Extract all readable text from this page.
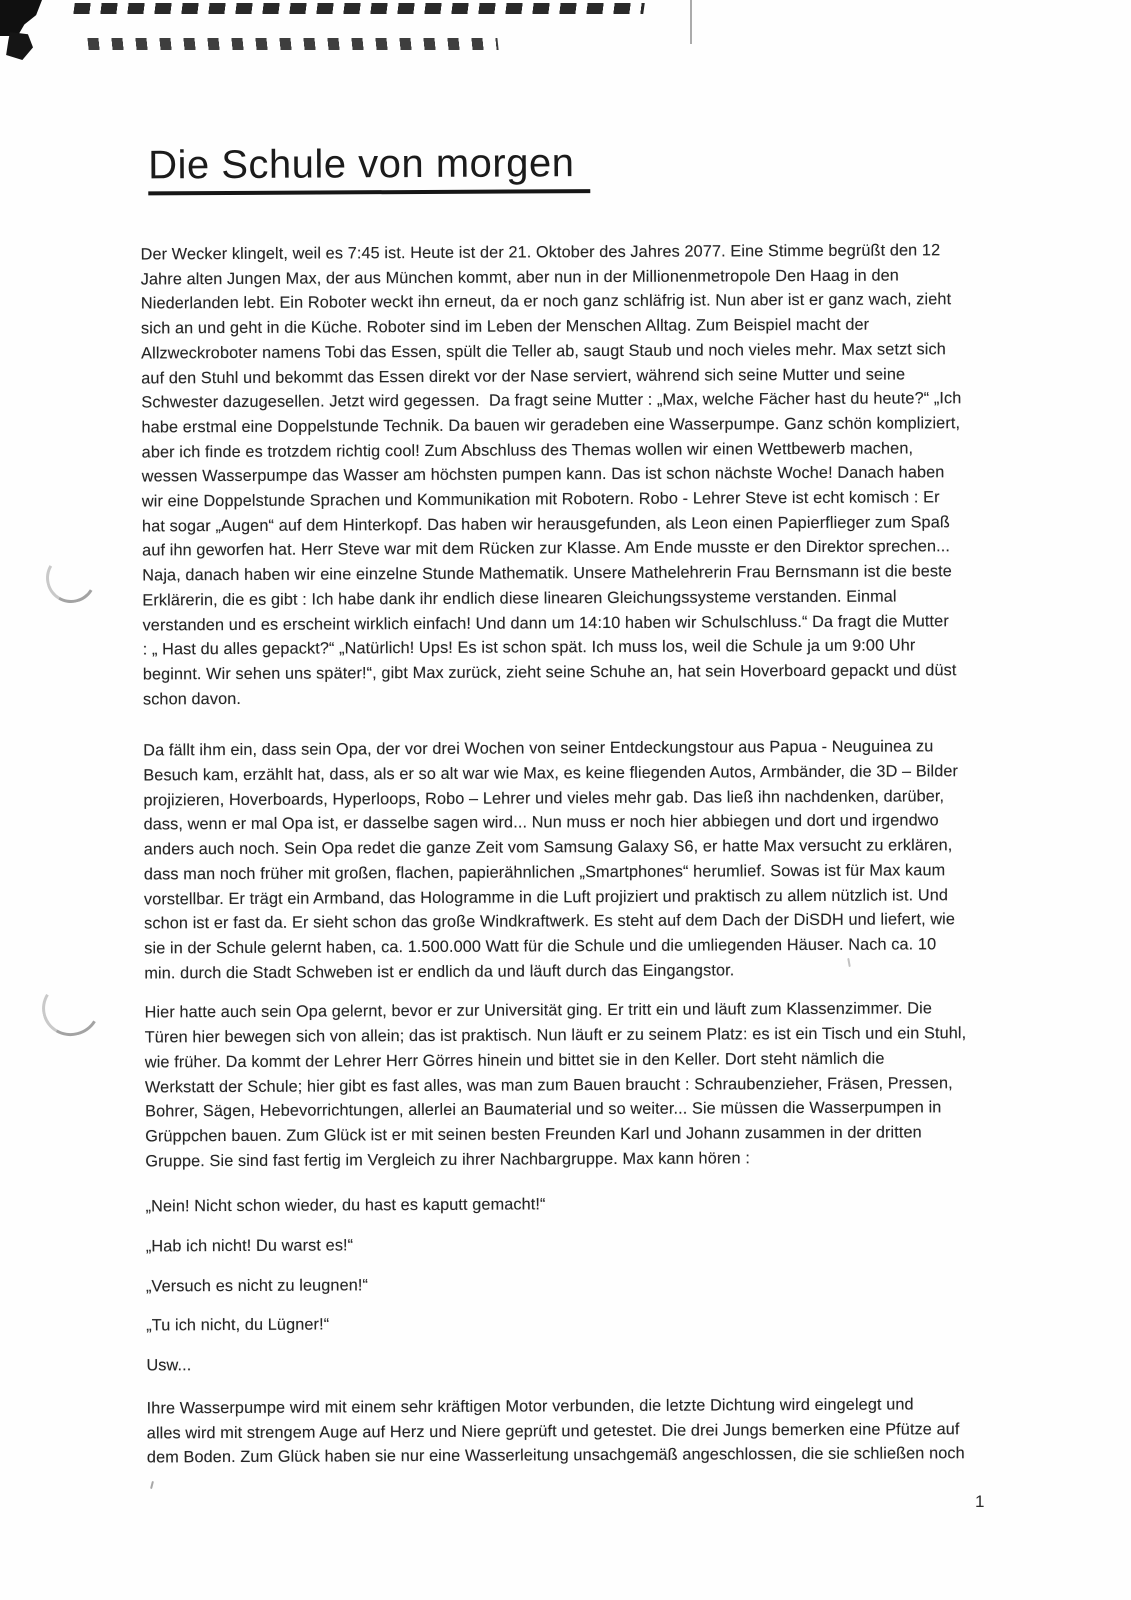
Die Schule von morgen

Der Wecker klingelt, weil es 7:45 ist. Heute ist der 21. Oktober des Jahres 2077. Eine Stimme begrüßt den 12
Jahre alten Jungen Max, der aus München kommt, aber nun in der Millionenmetropole Den Haag in den
Niederlanden lebt. Ein Roboter weckt ihn erneut, da er noch ganz schläfrig ist. Nun aber ist er ganz wach, zieht
sich an und geht in die Küche. Roboter sind im Leben der Menschen Alltag. Zum Beispiel macht der
Allzweckroboter namens Tobi das Essen, spült die Teller ab, saugt Staub und noch vieles mehr. Max setzt sich
auf den Stuhl und bekommt das Essen direkt vor der Nase serviert, während sich seine Mutter und seine
Schwester dazugesellen. Jetzt wird gegessen.  Da fragt seine Mutter : „Max, welche Fächer hast du heute?“ „Ich
habe erstmal eine Doppelstunde Technik. Da bauen wir geradeben eine Wasserpumpe. Ganz schön kompliziert,
aber ich finde es trotzdem richtig cool! Zum Abschluss des Themas wollen wir einen Wettbewerb machen,
wessen Wasserpumpe das Wasser am höchsten pumpen kann. Das ist schon nächste Woche! Danach haben
wir eine Doppelstunde Sprachen und Kommunikation mit Robotern. Robo - Lehrer Steve ist echt komisch : Er
hat sogar „Augen“ auf dem Hinterkopf. Das haben wir herausgefunden, als Leon einen Papierflieger zum Spaß
auf ihn geworfen hat. Herr Steve war mit dem Rücken zur Klasse. Am Ende musste er den Direktor sprechen...
Naja, danach haben wir eine einzelne Stunde Mathematik. Unsere Mathelehrerin Frau Bernsmann ist die beste
Erklärerin, die es gibt : Ich habe dank ihr endlich diese linearen Gleichungssysteme verstanden. Einmal
verstanden und es erscheint wirklich einfach! Und dann um 14:10 haben wir Schulschluss.“ Da fragt die Mutter
: „ Hast du alles gepackt?“ „Natürlich! Ups! Es ist schon spät. Ich muss los, weil die Schule ja um 9:00 Uhr
beginnt. Wir sehen uns später!“, gibt Max zurück, zieht seine Schuhe an, hat sein Hoverboard gepackt und düst
schon davon.

Da fällt ihm ein, dass sein Opa, der vor drei Wochen von seiner Entdeckungstour aus Papua - Neuguinea zu
Besuch kam, erzählt hat, dass, als er so alt war wie Max, es keine fliegenden Autos, Armbänder, die 3D – Bilder
projizieren, Hoverboards, Hyperloops, Robo – Lehrer und vieles mehr gab. Das ließ ihn nachdenken, darüber,
dass, wenn er mal Opa ist, er dasselbe sagen wird... Nun muss er noch hier abbiegen und dort und irgendwo
anders auch noch. Sein Opa redet die ganze Zeit vom Samsung Galaxy S6, er hatte Max versucht zu erklären,
dass man noch früher mit großen, flachen, papierähnlichen „Smartphones“ herumlief. Sowas ist für Max kaum
vorstellbar. Er trägt ein Armband, das Hologramme in die Luft projiziert und praktisch zu allem nützlich ist. Und
schon ist er fast da. Er sieht schon das große Windkraftwerk. Es steht auf dem Dach der DiSDH und liefert, wie
sie in der Schule gelernt haben, ca. 1.500.000 Watt für die Schule und die umliegenden Häuser. Nach ca. 10
min. durch die Stadt Schweben ist er endlich da und läuft durch das Eingangstor.

Hier hatte auch sein Opa gelernt, bevor er zur Universität ging. Er tritt ein und läuft zum Klassenzimmer. Die
Türen hier bewegen sich von allein; das ist praktisch. Nun läuft er zu seinem Platz: es ist ein Tisch und ein Stuhl,
wie früher. Da kommt der Lehrer Herr Görres hinein und bittet sie in den Keller. Dort steht nämlich die
Werkstatt der Schule; hier gibt es fast alles, was man zum Bauen braucht : Schraubenzieher, Fräsen, Pressen,
Bohrer, Sägen, Hebevorrichtungen, allerlei an Baumaterial und so weiter... Sie müssen die Wasserpumpen in
Grüppchen bauen. Zum Glück ist er mit seinen besten Freunden Karl und Johann zusammen in der dritten
Gruppe. Sie sind fast fertig im Vergleich zu ihrer Nachbargruppe. Max kann hören :

„Nein! Nicht schon wieder, du hast es kaputt gemacht!“

„Hab ich nicht! Du warst es!“

„Versuch es nicht zu leugnen!“

„Tu ich nicht, du Lügner!“

Usw...

Ihre Wasserpumpe wird mit einem sehr kräftigen Motor verbunden, die letzte Dichtung wird eingelegt und
alles wird mit strengem Auge auf Herz und Niere geprüft und getestet. Die drei Jungs bemerken eine Pfütze auf
dem Boden. Zum Glück haben sie nur eine Wasserleitung unsachgemäß angeschlossen, die sie schließen noch

1
